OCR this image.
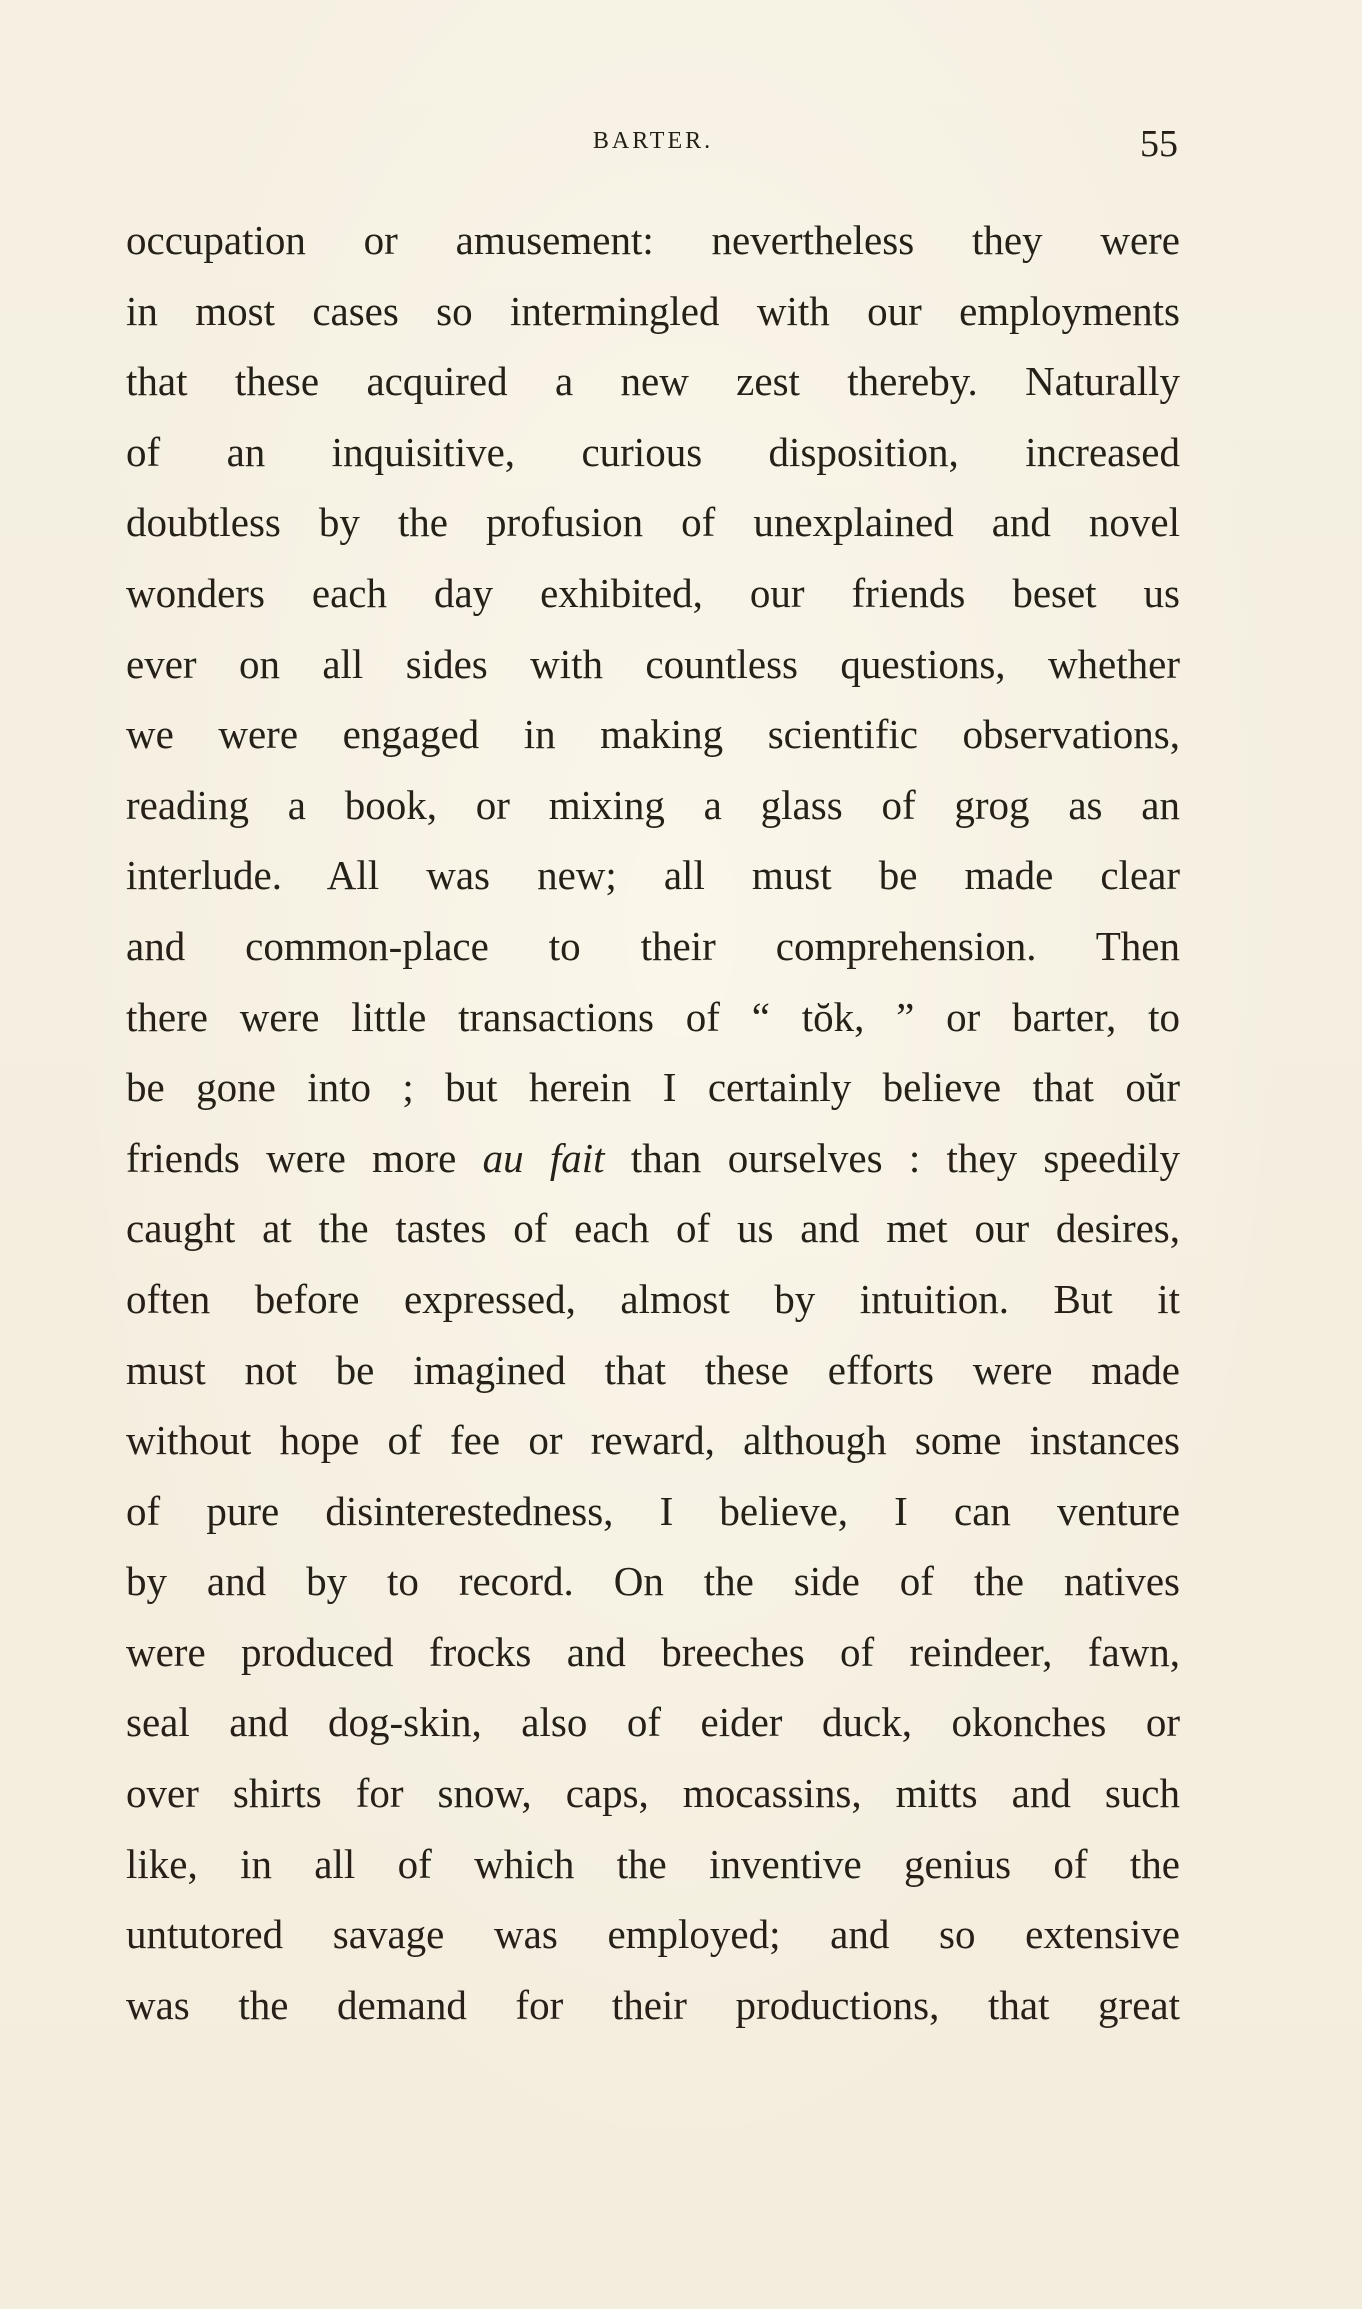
BARTER.	55
occupation or amusement: nevertheless they were
in most cases so intermingled with our employments
that these acquired a new zest thereby. Naturally
of an inquisitive, curious disposition, increased
doubtless by the profusion of unexplained and novel
wonders each day exhibited, our friends beset us
ever on all sides with countless questions, whether
we were engaged in making scientific observations,
reading a book, or mixing a glass of grog as an
interlude. All was new; all must be made clear
and common-place to their comprehension. Then
there were little transactions of “ tŏk, ” or barter, to
be gone into ; but herein I certainly believe that oŭr
friends were more au fait than ourselves : they speedily
caught at the tastes of each of us and met our desires,
often before expressed, almost by intuition. But it
must not be imagined that these efforts were made
without hope of fee or reward, although some instances
of pure disinterestedness, I believe, I can venture
by and by to record. On the side of the natives
were produced frocks and breeches of reindeer, fawn,
seal and dog-skin, also of eider duck, okonches or
over shirts for snow, caps, mocassins, mitts and such
like, in all of which the inventive genius of the
untutored savage was employed; and so extensive
was the demand for their productions, that great
